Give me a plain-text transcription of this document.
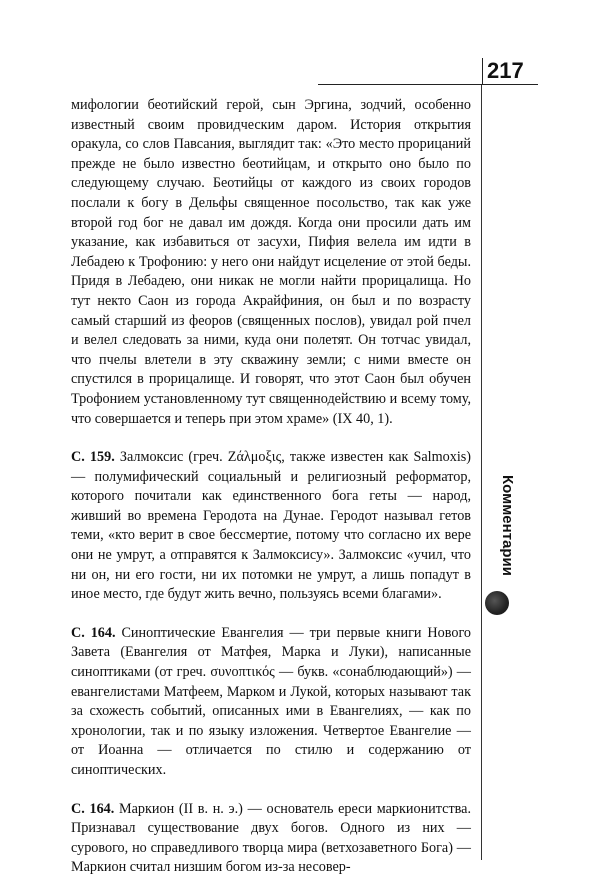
217
Комментарии

мифологии беотийский герой, сын Эргина, зодчий, особенно известный своим провидческим даром. История открытия оракула, со слов Павсания, выглядит так: «Это место прорицаний прежде не было известно беотийцам, и открыто оно было по следующему случаю. Беотийцы от каждого из своих городов послали к богу в Дельфы священное посольство, так как уже второй год бог не давал им дождя. Когда они просили дать им указание, как избавиться от засухи, Пифия велела им идти в Лебадею к Трофонию: у него они найдут исцеление от этой беды. Придя в Лебадею, они никак не могли найти прорицалища. Но тут некто Саон из города Акрайфиния, он был и по возрасту самый старший из феоров (священных послов), увидал рой пчел и велел следовать за ними, куда они полетят. Он тотчас увидал, что пчелы влетели в эту скважину земли; с ними вместе он спустился в прорицалище. И говорят, что этот Саон был обучен Трофонием установленному тут священнодействию и всему тому, что совершается и теперь при этом храме» (IX 40, 1).

С. 159. Залмоксис (греч. Ζάλμοξις, также известен как Salmoxis) — полумифический социальный и религиозный реформатор, которого почитали как единственного бога геты — народ, живший во времена Геродота на Дунае. Геродот называл гетов теми, «кто верит в свое бессмертие, потому что согласно их вере они не умрут, а отправятся к Залмоксису». Залмоксис «учил, что ни он, ни его гости, ни их потомки не умрут, а лишь попадут в иное место, где будут жить вечно, пользуясь всеми благами».

С. 164. Синоптические Евангелия — три первые книги Нового Завета (Евангелия от Матфея, Марка и Луки), написанные синоптиками (от греч. συνοπτικός — букв. «сонаблюдающий») — евангелистами Матфеем, Марком и Лукой, которых называют так за схожесть событий, описанных ими в Евангелиях, — как по хронологии, так и по языку изложения. Четвертое Евангелие — от Иоанна — отличается по стилю и содержанию от синоптических.

С. 164. Маркион (II в. н. э.) — основатель ереси маркионитства. Признавал существование двух богов. Одного из них — сурового, но справедливого творца мира (ветхозаветного Бога) — Маркион считал низшим богом из-за несовер-
